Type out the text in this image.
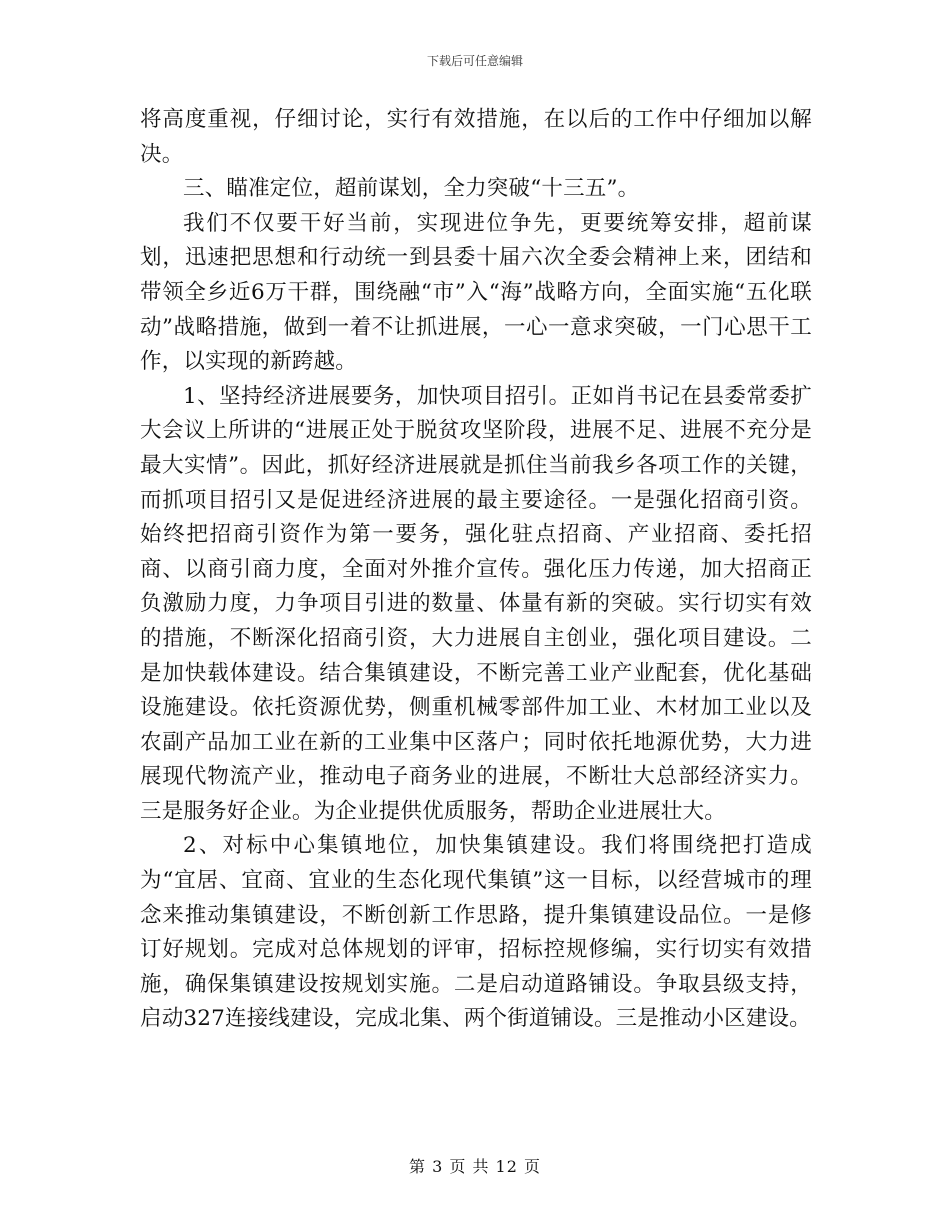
下载后可任意编辑

将高度重视，仔细讨论，实行有效措施，在以后的工作中仔细加以解决。

三、瞄准定位，超前谋划，全力突破“十三五”。

我们不仅要干好当前，实现进位争先，更要统筹安排，超前谋划，迅速把思想和行动统一到县委十届六次全委会精神上来，团结和带领全乡近6万干群，围绕融“市”入“海”战略方向，全面实施“五化联动”战略措施，做到一着不让抓进展，一心一意求突破，一门心思干工作，以实现的新跨越。

1、坚持经济进展要务，加快项目招引。正如肖书记在县委常委扩大会议上所讲的“进展正处于脱贫攻坚阶段，进展不足、进展不充分是最大实情”。因此，抓好经济进展就是抓住当前我乡各项工作的关键，而抓项目招引又是促进经济进展的最主要途径。一是强化招商引资。始终把招商引资作为第一要务，强化驻点招商、产业招商、委托招商、以商引商力度，全面对外推介宣传。强化压力传递，加大招商正负激励力度，力争项目引进的数量、体量有新的突破。实行切实有效的措施，不断深化招商引资，大力进展自主创业，强化项目建设。二是加快载体建设。结合集镇建设，不断完善工业产业配套，优化基础设施建设。依托资源优势，侧重机械零部件加工业、木材加工业以及农副产品加工业在新的工业集中区落户；同时依托地源优势，大力进展现代物流产业，推动电子商务业的进展，不断壮大总部经济实力。三是服务好企业。为企业提供优质服务，帮助企业进展壮大。

2、对标中心集镇地位，加快集镇建设。我们将围绕把打造成为“宜居、宜商、宜业的生态化现代集镇”这一目标，以经营城市的理念来推动集镇建设，不断创新工作思路，提升集镇建设品位。一是修订好规划。完成对总体规划的评审，招标控规修编，实行切实有效措施，确保集镇建设按规划实施。二是启动道路铺设。争取县级支持，启动327连接线建设，完成北集、两个街道铺设。三是推动小区建设。

第 3 页 共 12 页
